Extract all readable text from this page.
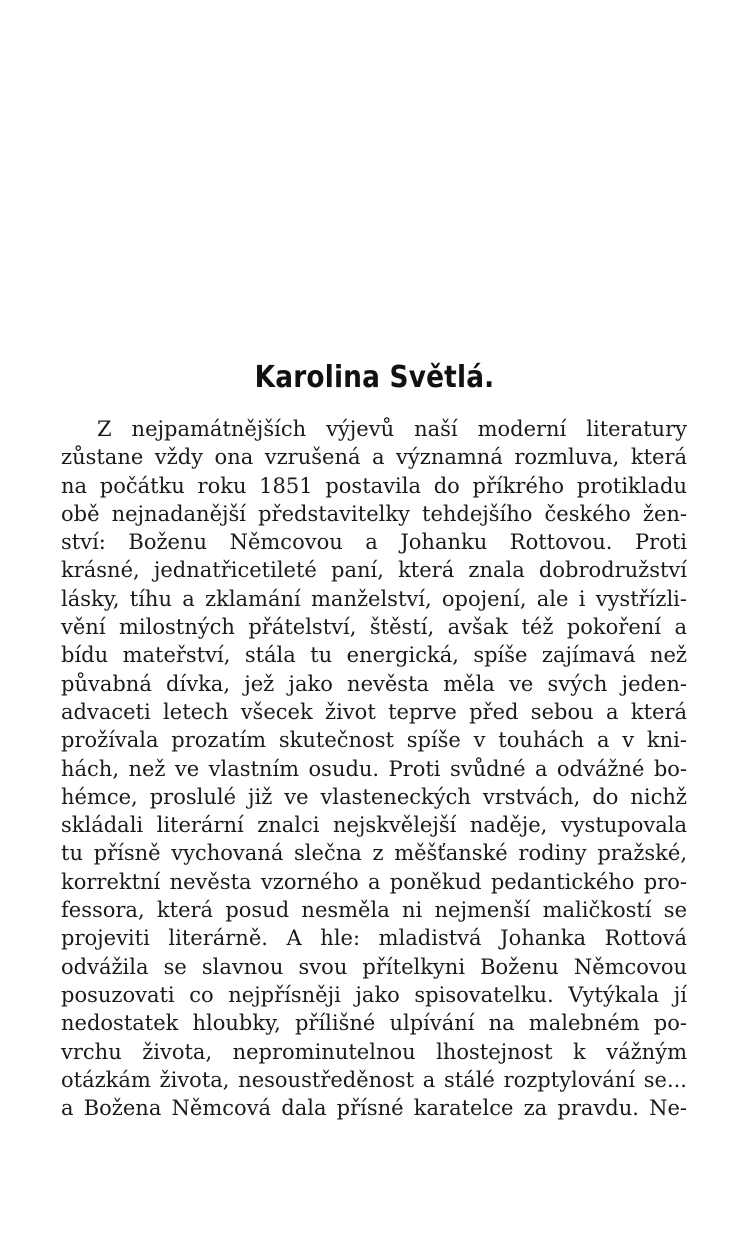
Karolina Světlá.
Z nejpamátnějších výjevů naší moderní literatury
zůstane vždy ona vzrušená a významná rozmluva, která
na počátku roku 1851 postavila do příkrého protikladu
obě nejnadanější představitelky tehdejšího českého žen-
ství: Boženu Němcovou a Johanku Rottovou. Proti
krásné, jednatřicetileté paní, která znala dobrodružství
lásky, tíhu a zklamání manželství, opojení, ale i vystřízli-
vění milostných přátelství, štěstí, avšak též pokoření a
bídu mateřství, stála tu energická, spíše zajímavá než
půvabná dívka, jež jako nevěsta měla ve svých jeden-
advaceti letech všecek život teprve před sebou a která
prožívala prozatím skutečnost spíše v touhách a v kni-
hách, než ve vlastním osudu. Proti svůdné a odvážné bo-
hémce, proslulé již ve vlasteneckých vrstvách, do nichž
skládali literární znalci nejskvělejší naděje, vystupovala
tu přísně vychovaná slečna z měšťanské rodiny pražské,
korrektní nevěsta vzorného a poněkud pedantického pro-
fessora, která posud nesměla ni nejmenší maličkostí se
projeviti literárně. A hle: mladistvá Johanka Rottová
odvážila se slavnou svou přítelkyni Boženu Němcovou
posuzovati co nejpřísněji jako spisovatelku. Vytýkala jí
nedostatek hloubky, přílišné ulpívání na malebném po-
vrchu života, neprominutelnou lhostejnost k vážným
otázkám života, nesoustředěnost a stálé rozptylování se...
a Božena Němcová dala přísné karatelce za pravdu. Ne-
